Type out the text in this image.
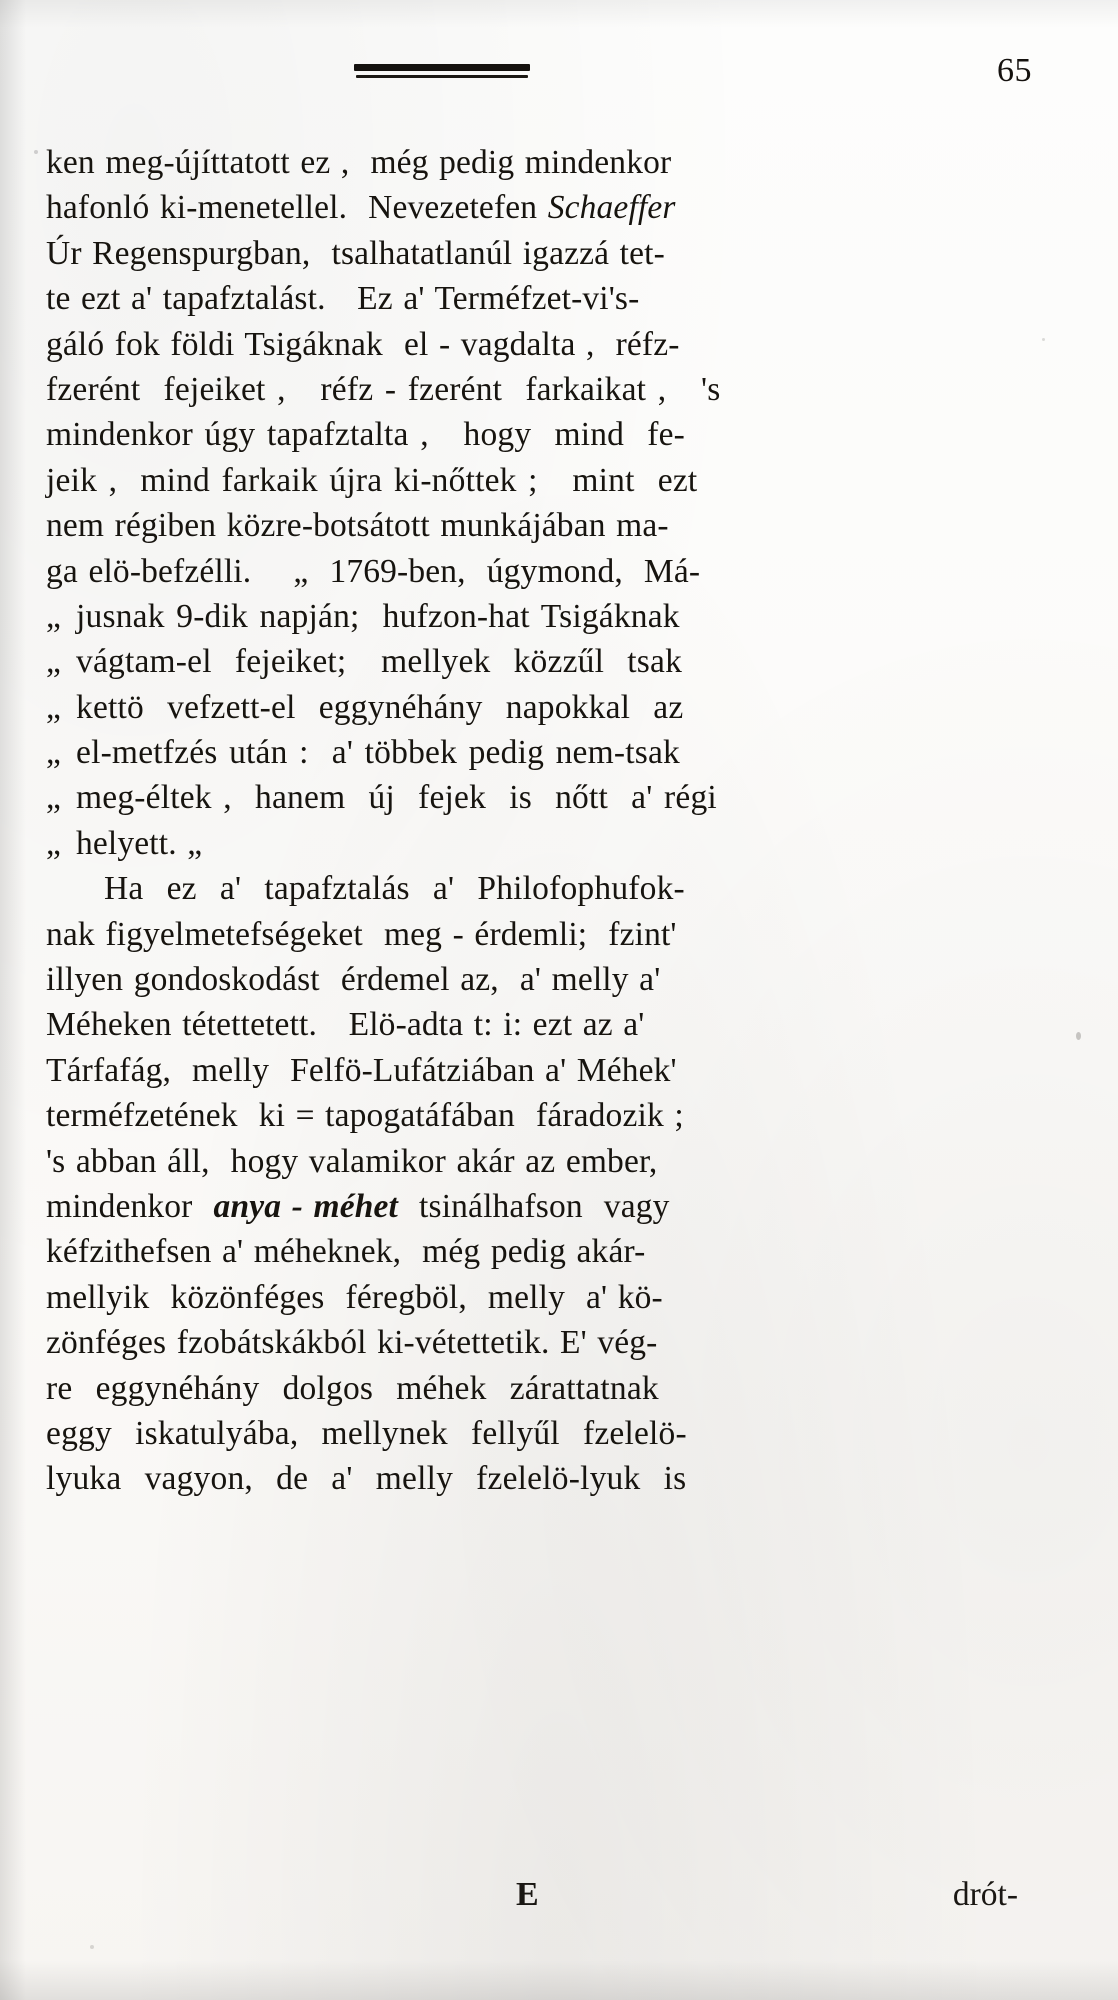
65
ken meg-újíttatott ez ,  még pedig mindenkor
hafonló ki-menetellel.  Nevezetefen Schaeffer
Úr Regenspurgban,  tsalhatatlanúl igazzá tet-
te ezt a' tapafztalást.   Ez a' Terméfzet-vi's-
gáló fok földi Tsigáknak  el - vagdalta ,  réfz-
fzerént  fejeiket ,   réfz - fzerént  farkaikat ,   's
mindenkor úgy tapafztalta ,   hogy  mind  fe-
jeik ,  mind farkaik újra ki-nőttek ;   mint  ezt
nem régiben közre-botsátott munkájában ma-
ga elö-befzélli.    „  1769-ben,  úgymond,  Má-
„ jusnak 9-dik napján;  hufzon-hat Tsigáknak
„ vágtam-el  fejeiket;   mellyek  közzűl  tsak
„ kettö  vefzett-el  eggynéhány  napokkal  az
„ el-metfzés után :  a' többek pedig nem-tsak
„ meg-éltek ,  hanem  új  fejek  is  nőtt  a' régi
„ helyett. „
Ha  ez  a'  tapafztalás  a'  Philofophufok-
nak figyelmetefségeket  meg - érdemli;  fzint'
illyen gondoskodást  érdemel az,  a' melly a'
Méheken tétettetett.   Elö-adta t: i: ezt az a'
Tárfafág,  melly  Felfö-Lufátziában a' Méhek'
terméfzetének  ki = tapogatáfában  fáradozik ;
's abban áll,  hogy valamikor akár az ember,
mindenkor  anya - méhet  tsinálhafson  vagy
kéfzithefsen a' méheknek,  még pedig akár-
mellyik  közönféges  féregböl,  melly  a' kö-
zönféges fzobátskákból ki-vétettetik. E' vég-
re  eggynéhány  dolgos  méhek  zárattatnak
eggy  iskatulyába,  mellynek  fellyűl  fzelelö-
lyuka  vagyon,  de  a'  melly  fzelelö-lyuk  is
E	drót-
